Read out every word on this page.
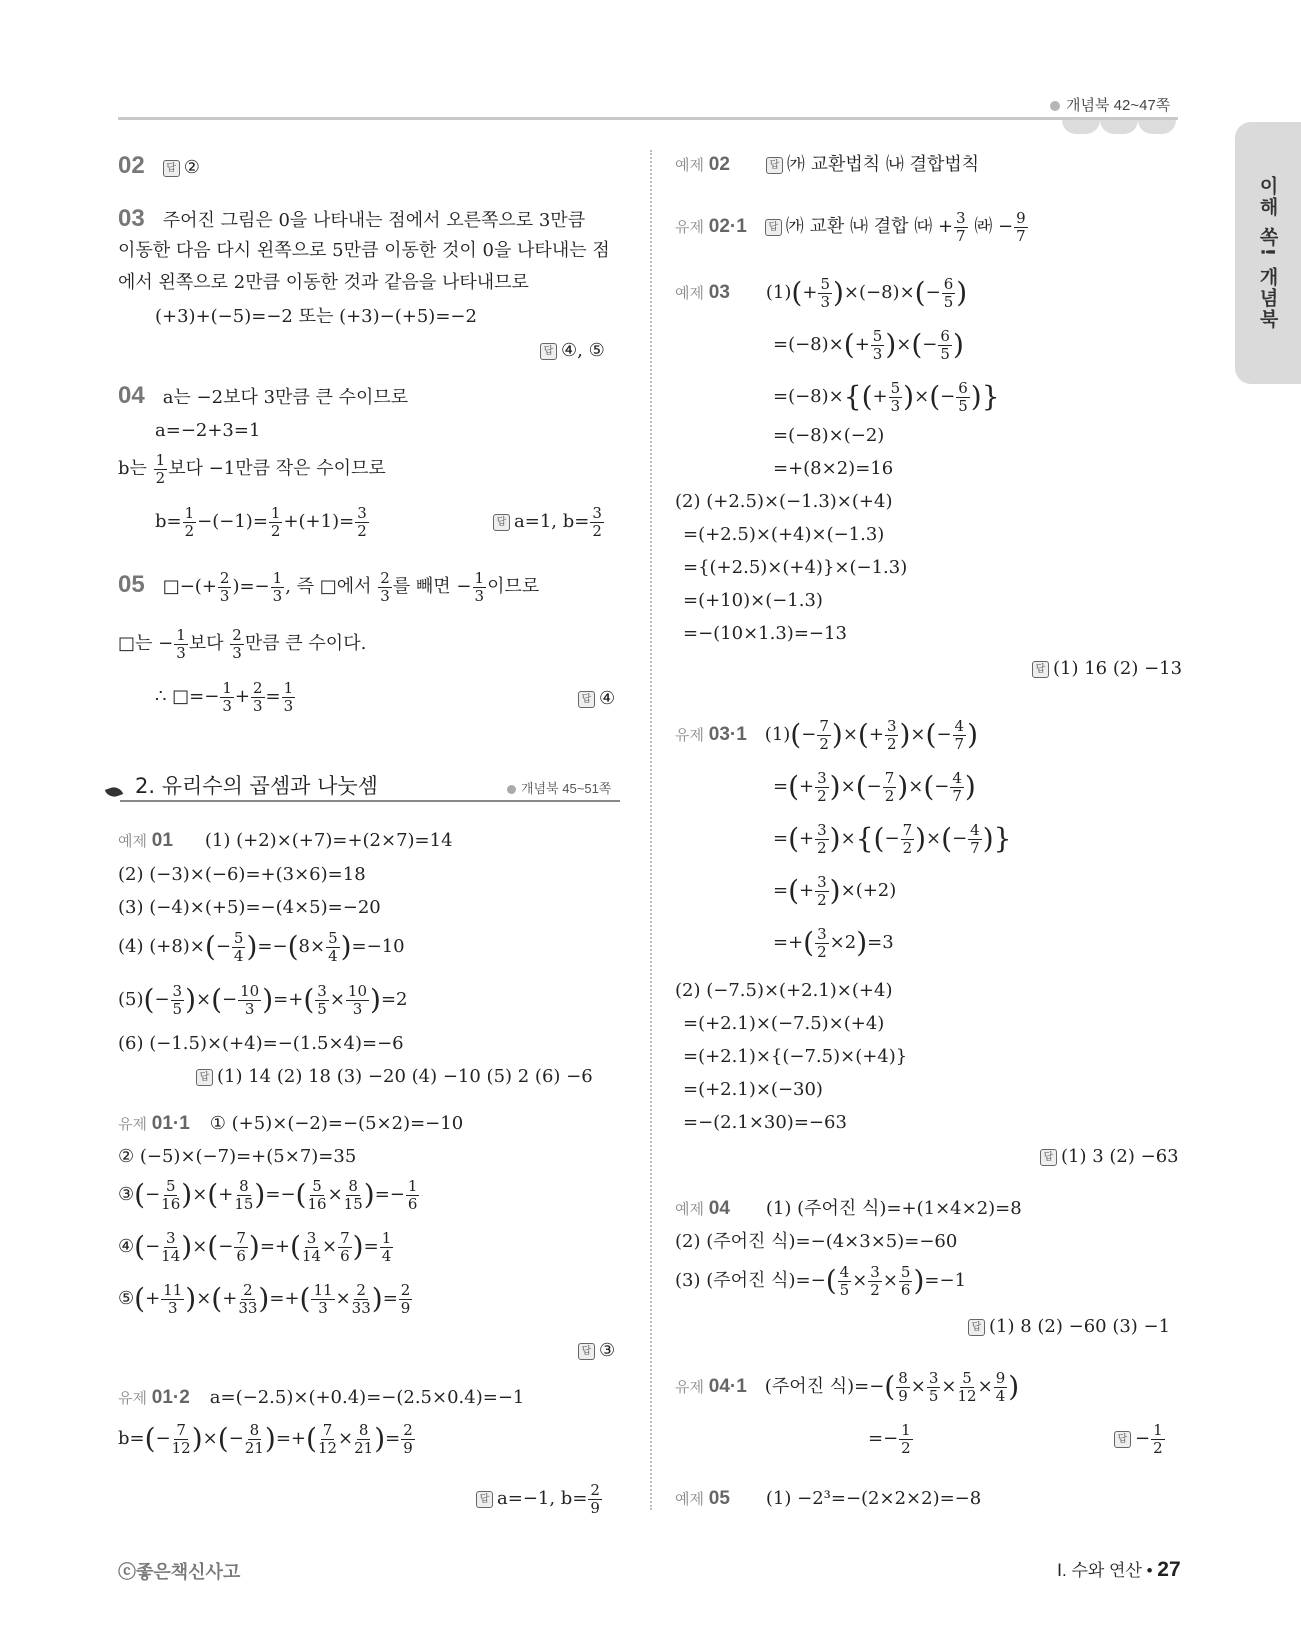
개념북 42~47쪽
이해 쏙! 개념북
02 답 ②
03 주어진 그림은 0을 나타내는 점에서 오른쪽으로 3만큼
이동한 다음 다시 왼쪽으로 5만큼 이동한 것이 0을 나타내는 점
에서 왼쪽으로 2만큼 이동한 것과 같음을 나타내므로
(+3)+(−5)=−2 또는 (+3)−(+5)=−2
답 ④, ⑤
04 a는 −2보다 3만큼 큰 수이므로
a=−2+3=1
b는 $\frac{1}{2}$ 보다 −1만큼 작은 수이므로
$b= \frac{1}{2} -(-1)= \frac{1}{2} +(+1)= \frac{3}{2}$	답 a=1, $b= \frac{3}{2}$
05 □−(+ $\frac{2}{3}$ )=− $\frac{1}{3}$ , 즉 □에서 $\frac{2}{3}$ 를 빼면 − $\frac{1}{3}$ 이므로
□는 − $\frac{1}{3}$ 보다 $\frac{2}{3}$ 만큼 큰 수이다.
∴ □=− $\frac{1}{3} + \frac{2}{3} = \frac{1}{3}$	답 ④
2. 유리수의 곱셈과 나눗셈	개념북 45~51쪽
예제 01 (1) (+2)×(+7)=+(2×7)=14
(2) (−3)×(−6)=+(3×6)=18
(3) (−4)×(+5)=−(4×5)=−20
(4) $(+8)\times(- \frac{5}{4} )=-(8\times \frac{5}{4} )=-10$
$(5)(- \frac{3}{5}$ )×(− $\frac{10}{3}$ )=+( $\frac{3}{5} \times \frac{10}{3} )=2$
(6) (−1.5)×(+4)=−(1.5×4)=−6
답 (1) 14 (2) 18 (3) −20 (4) −10 (5) 2 (6) −6
유제 01·1 ① (+5)×(−2)=−(5×2)=−10
② (−5)×(−7)=+(5×7)=35
③(− $\frac{5}{16}$ )×(+ $\frac{8}{15}$ )=−( $\frac{5}{16} \times \frac{8}{15}$ )=− $\frac{1}{6}$
④(− $\frac{3}{14}$ )×(− $\frac{7}{6}$ )=+( $\frac{3}{14} \times \frac{7}{6}$ )= $\frac{1}{4}$
⑤(+ $\frac{11}{3}$ )×(+ $\frac{2}{33}$ )=+( $\frac{11}{3} \times \frac{2}{33}$ )= $\frac{2}{9}$
답 ③
유제 01·2 a=(−2.5)×(+0.4)=−(2.5×0.4)=−1
$b=(- \frac{7}{12}$ )×(− $\frac{8}{21}$ )=+( $\frac{7}{12} \times \frac{8}{21}$ )= $\frac{2}{9}$
답 a=−1, $b= \frac{2}{9}$
예제 02	답 ㈎ 교환법칙 ㈏ 결합법칙
유제 02·1 답 ㈎ 교환 ㈏ 결합 ㈐ + $\frac{3}{7}$ ㈑ − $\frac{9}{7}$
예제 03 $(1)(+ \frac{5}{3} )\times(-8)\times(- \frac{6}{5}$ )
$=(-8)\times(+ \frac{5}{3}$ )×(− $\frac{6}{5}$ )
$=(-8)\times\{(+ \frac{5}{3}$ )×(− $\frac{6}{5}$ )}
=(−8)×(−2)
=+(8×2)=16
(2) (+2.5)×(−1.3)×(+4)
=(+2.5)×(+4)×(−1.3)
={(+2.5)×(+4)}×(−1.3)
=(+10)×(−1.3)
=−(10×1.3)=−13
답 (1) 16 (2) −13
유제 03·1 $(1)(- \frac{7}{2}$ )×(+ $\frac{3}{2}$ )×(− $\frac{4}{7}$ )
=(+ $\frac{3}{2}$ )×(− $\frac{7}{2}$ )×(− $\frac{4}{7}$ )
=(+ $\frac{3}{2}$ )×{(− $\frac{7}{2}$ )×(− $\frac{4}{7}$ )}
=(+ $\frac{3}{2} )\times(+2)$
=+( $\frac{3}{2} \times 2)=3$
(2) (−7.5)×(+2.1)×(+4)
=(+2.1)×(−7.5)×(+4)
=(+2.1)×{(−7.5)×(+4)}
=(+2.1)×(−30)
=−(2.1×30)=−63
답 (1) 3 (2) −63
예제 04 (1) (주어진 식)=+(1×4×2)=8
(2) (주어진 식)=−(4×3×5)=−60
(3) (주어진 식)=−( $\frac{4}{5} \times \frac{3}{2} \times \frac{5}{6} )=-1$
답 (1) 8 (2) −60 (3) −1
유제 04·1 (주어진 식)=−( $\frac{8}{9} \times \frac{3}{5} \times \frac{5}{12} \times \frac{9}{4}$ )
=− $\frac{1}{2}$	답 − $\frac{1}{2}$
예제 05 (1) −2³=−(2×2×2)=−8
ⓒ좋은책신사고	Ⅰ. 수와 연산 • 27
